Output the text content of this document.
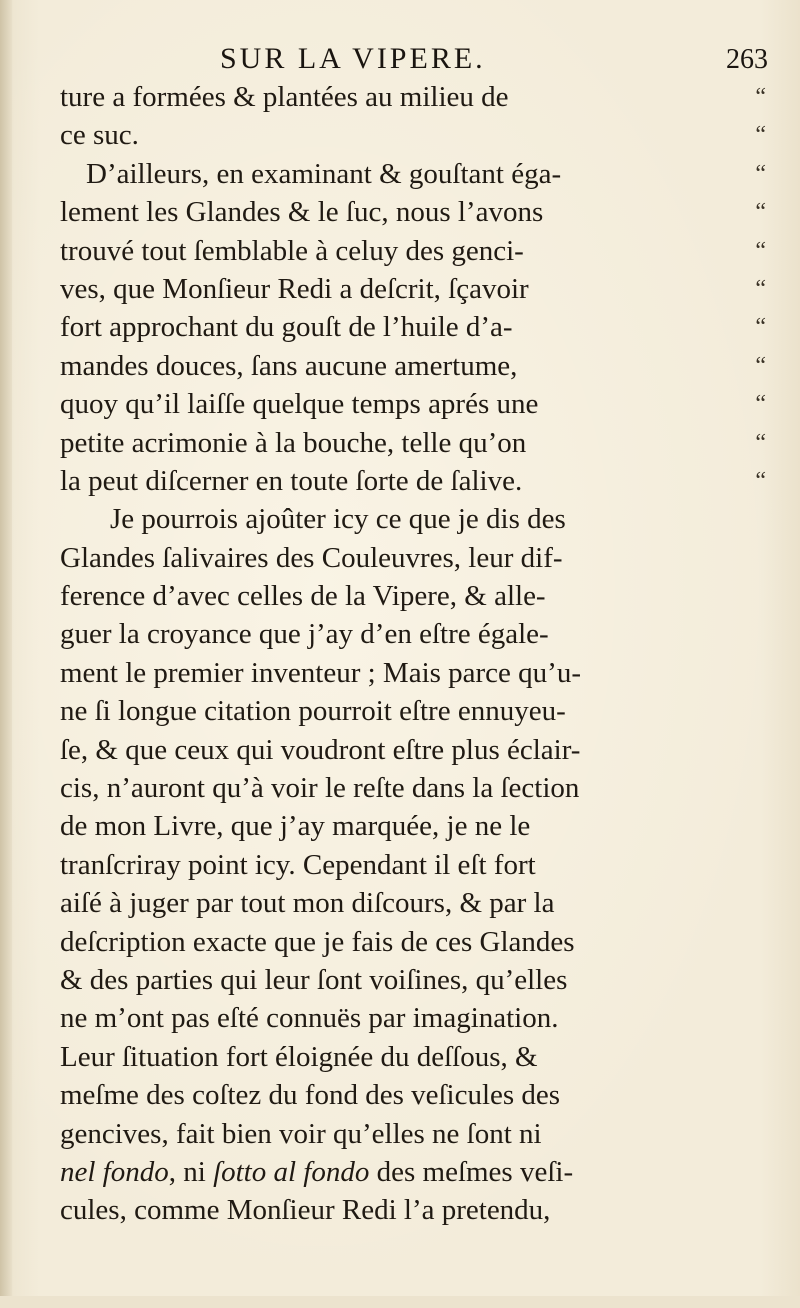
SUR LA VIPERE.	263
ture a formées & plantées au milieu de	“
ce suc.	“
D’ailleurs, en examinant & gouſtant éga-	“
lement les Glandes & le ſuc, nous l’avons	“
trouvé tout ſemblable à celuy des genci-	“
ves, que Monſieur Redi a deſcrit, ſçavoir	“
fort approchant du gouſt de l’huile d’a-	“
mandes douces, ſans aucune amertume,	“
quoy qu’il laiſſe quelque temps aprés une	“
petite acrimonie à la bouche, telle qu’on	“
la peut diſcerner en toute ſorte de ſalive.	“
Je pourrois ajoûter icy ce que je dis des
Glandes ſalivaires des Couleuvres, leur dif-
ference d’avec celles de la Vipere, & alle-
guer la croyance que j’ay d’en eſtre égale-
ment le premier inventeur ; Mais parce qu’u-
ne ſi longue citation pourroit eſtre ennuyeu-
ſe, & que ceux qui voudront eſtre plus éclair-
cis, n’auront qu’à voir le reſte dans la ſection
de mon Livre, que j’ay marquée, je ne le
tranſcriray point icy. Cependant il eſt fort
aiſé à juger par tout mon diſcours, & par la
deſcription exacte que je fais de ces Glandes
& des parties qui leur ſont voiſines, qu’elles
ne m’ont pas eſté connuës par imagination.
Leur ſituation fort éloignée du deſſous, &
meſme des coſtez du fond des veſicules des
gencives, fait bien voir qu’elles ne ſont ni
nel fondo, ni ſotto al fondo des meſmes veſi-
cules, comme Monſieur Redi l’a pretendu,
